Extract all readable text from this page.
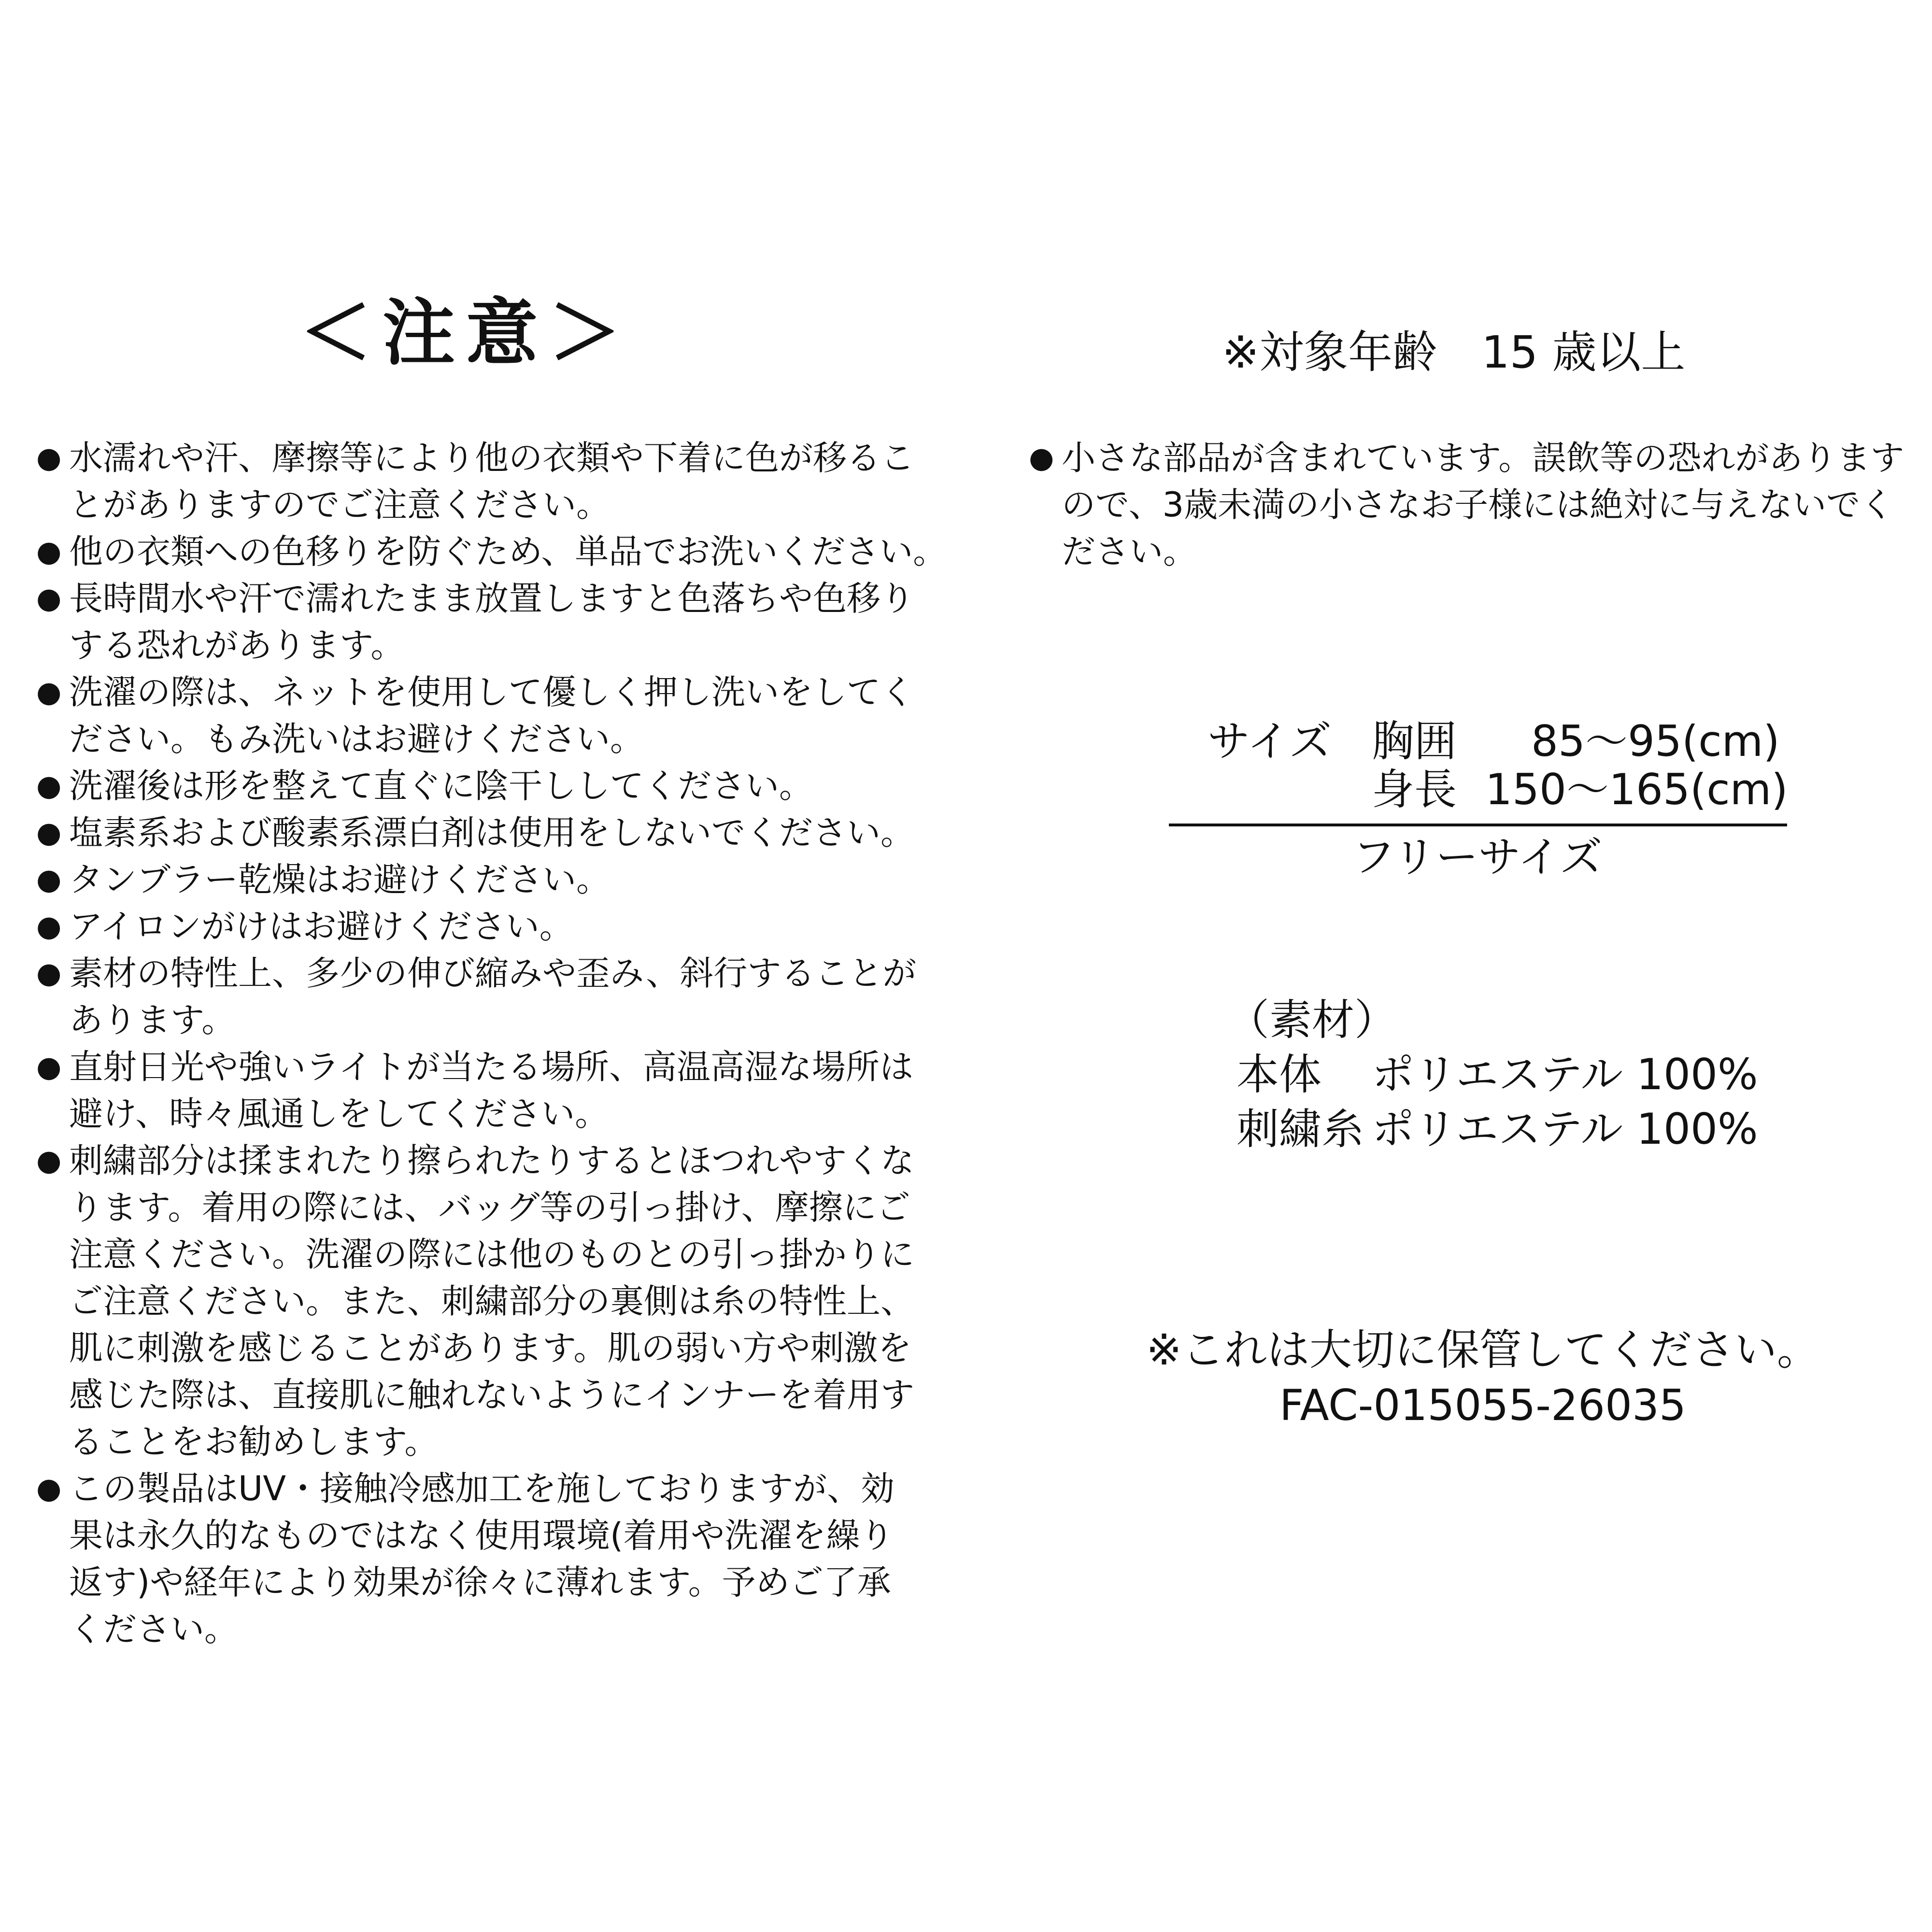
＜注意＞
● 水濡れや汗、摩擦等により他の衣類や下着に色が移るこ
とがありますのでご注意ください。
● 他の衣類への色移りを防ぐため、単品でお洗いください。
● 長時間水や汗で濡れたまま放置しますと色落ちや色移り
する恐れがあります。
● 洗濯の際は、ネットを使用して優しく押し洗いをしてく
ださい。もみ洗いはお避けください。
● 洗濯後は形を整えて直ぐに陰干ししてください。
● 塩素系および酸素系漂白剤は使用をしないでください。
● タンブラー乾燥はお避けください。
● アイロンがけはお避けください。
● 素材の特性上、多少の伸び縮みや歪み、斜行することが
あります。
● 直射日光や強いライトが当たる場所、高温高湿な場所は
避け、時々風通しをしてください。
● 刺繍部分は揉まれたり擦られたりするとほつれやすくな
ります。着用の際には、バッグ等の引っ掛け、摩擦にご
注意ください。洗濯の際には他のものとの引っ掛かりに
ご注意ください。また、刺繍部分の裏側は糸の特性上、
肌に刺激を感じることがあります。肌の弱い方や刺激を
感じた際は、直接肌に触れないようにインナーを着用す
ることをお勧めします。
● この製品はUV・接触冷感加工を施しておりますが、効
果は永久的なものではなく使用環境(着用や洗濯を繰り
返す)や経年により効果が徐々に薄れます。予めご了承
ください。
※対象年齢　15 歳以上
● 小さな部品が含まれています。誤飲等の恐れがあります
ので、3歳未満の小さなお子様には絶対に与えないでく
ださい。
サイズ 胸囲 85〜95(cm)
身長 150〜165(cm)
フリーサイズ
（素材）
本体 ポリエステル 100%
刺繍糸 ポリエステル 100%
※これは大切に保管してください。
FAC-015055-26035
